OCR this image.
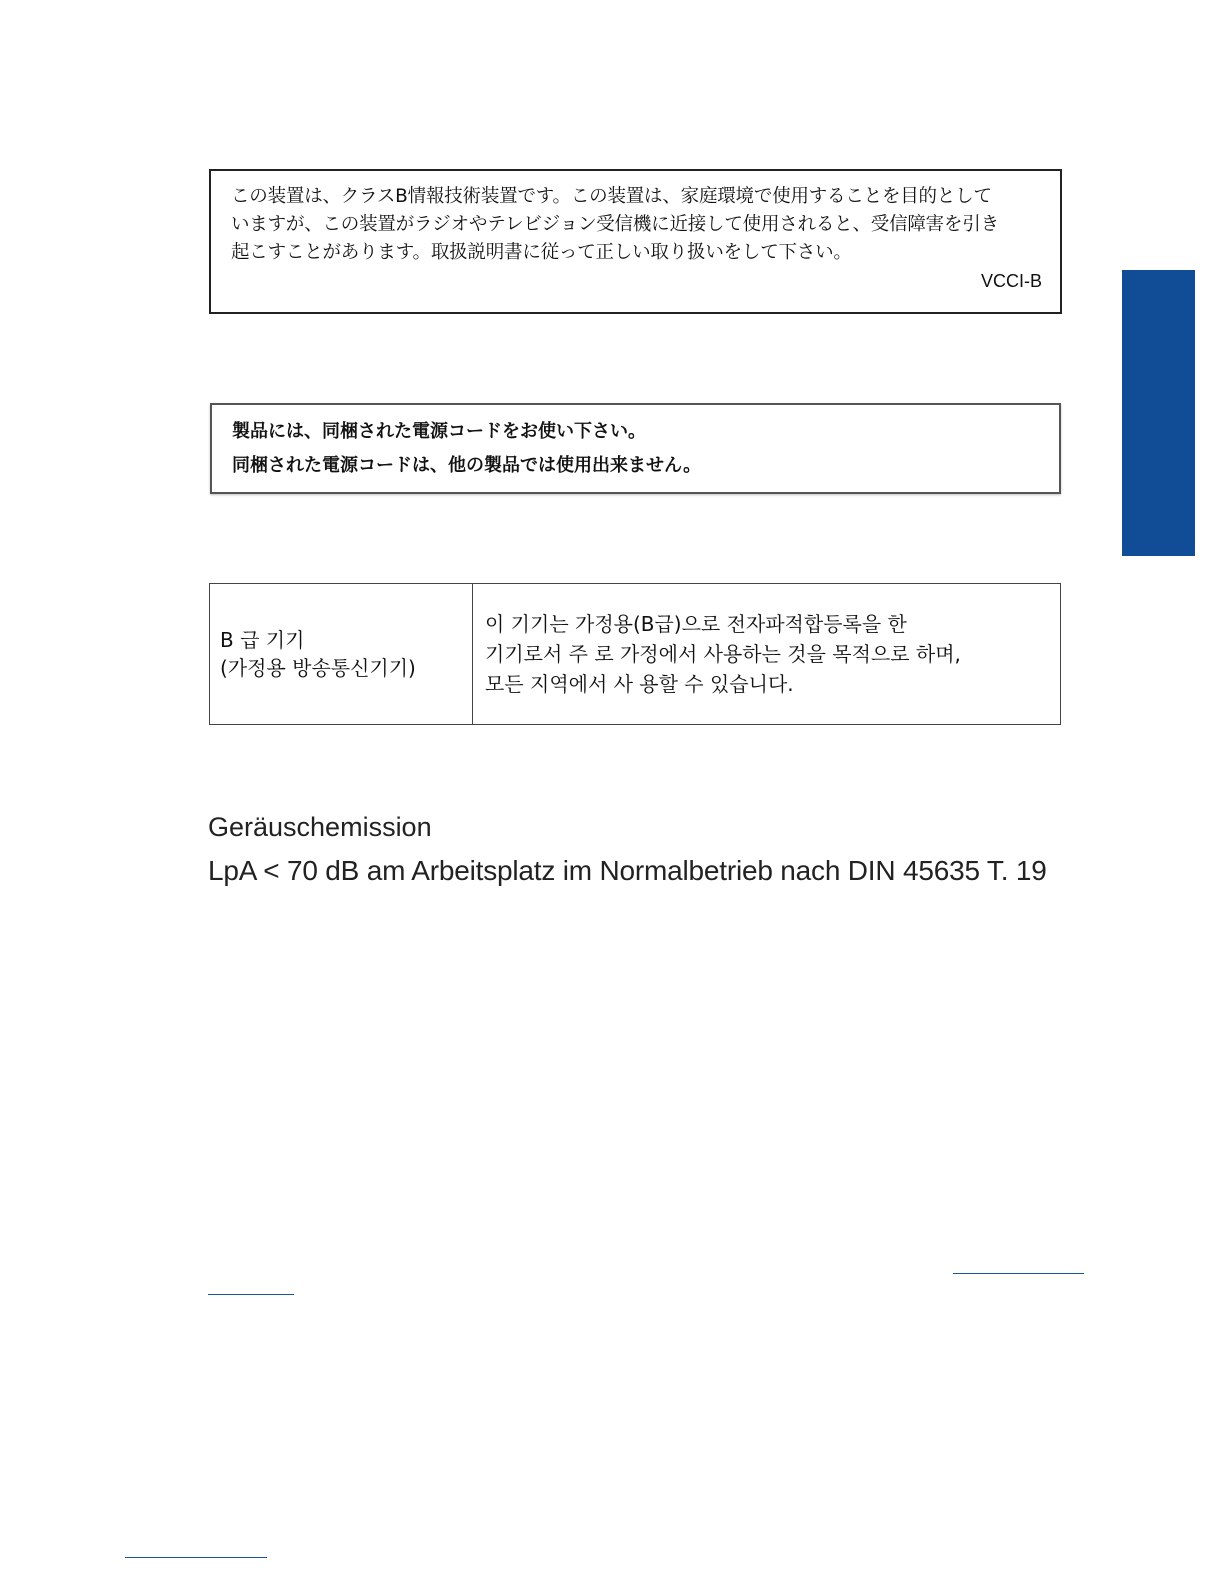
この装置は、クラスB情報技術装置です。この装置は、家庭環境で使用することを目的として
いますが、この装置がラジオやテレビジョン受信機に近接して使用されると、受信障害を引き
起こすことがあります。取扱説明書に従って正しい取り扱いをして下さい。
VCCI-B
製品には、同梱された電源コードをお使い下さい。
同梱された電源コードは、他の製品では使用出来ません。
B 급 기기
(가정용 방송통신기기)

이 기기는 가정용(B급)으로 전자파적합등록을 한
기기로서 주 로 가정에서 사용하는 것을 목적으로 하며,
모든 지역에서 사 용할 수 있습니다.
Geräuschemission
LpA < 70 dB am Arbeitsplatz im Normalbetrieb nach DIN 45635 T. 19
